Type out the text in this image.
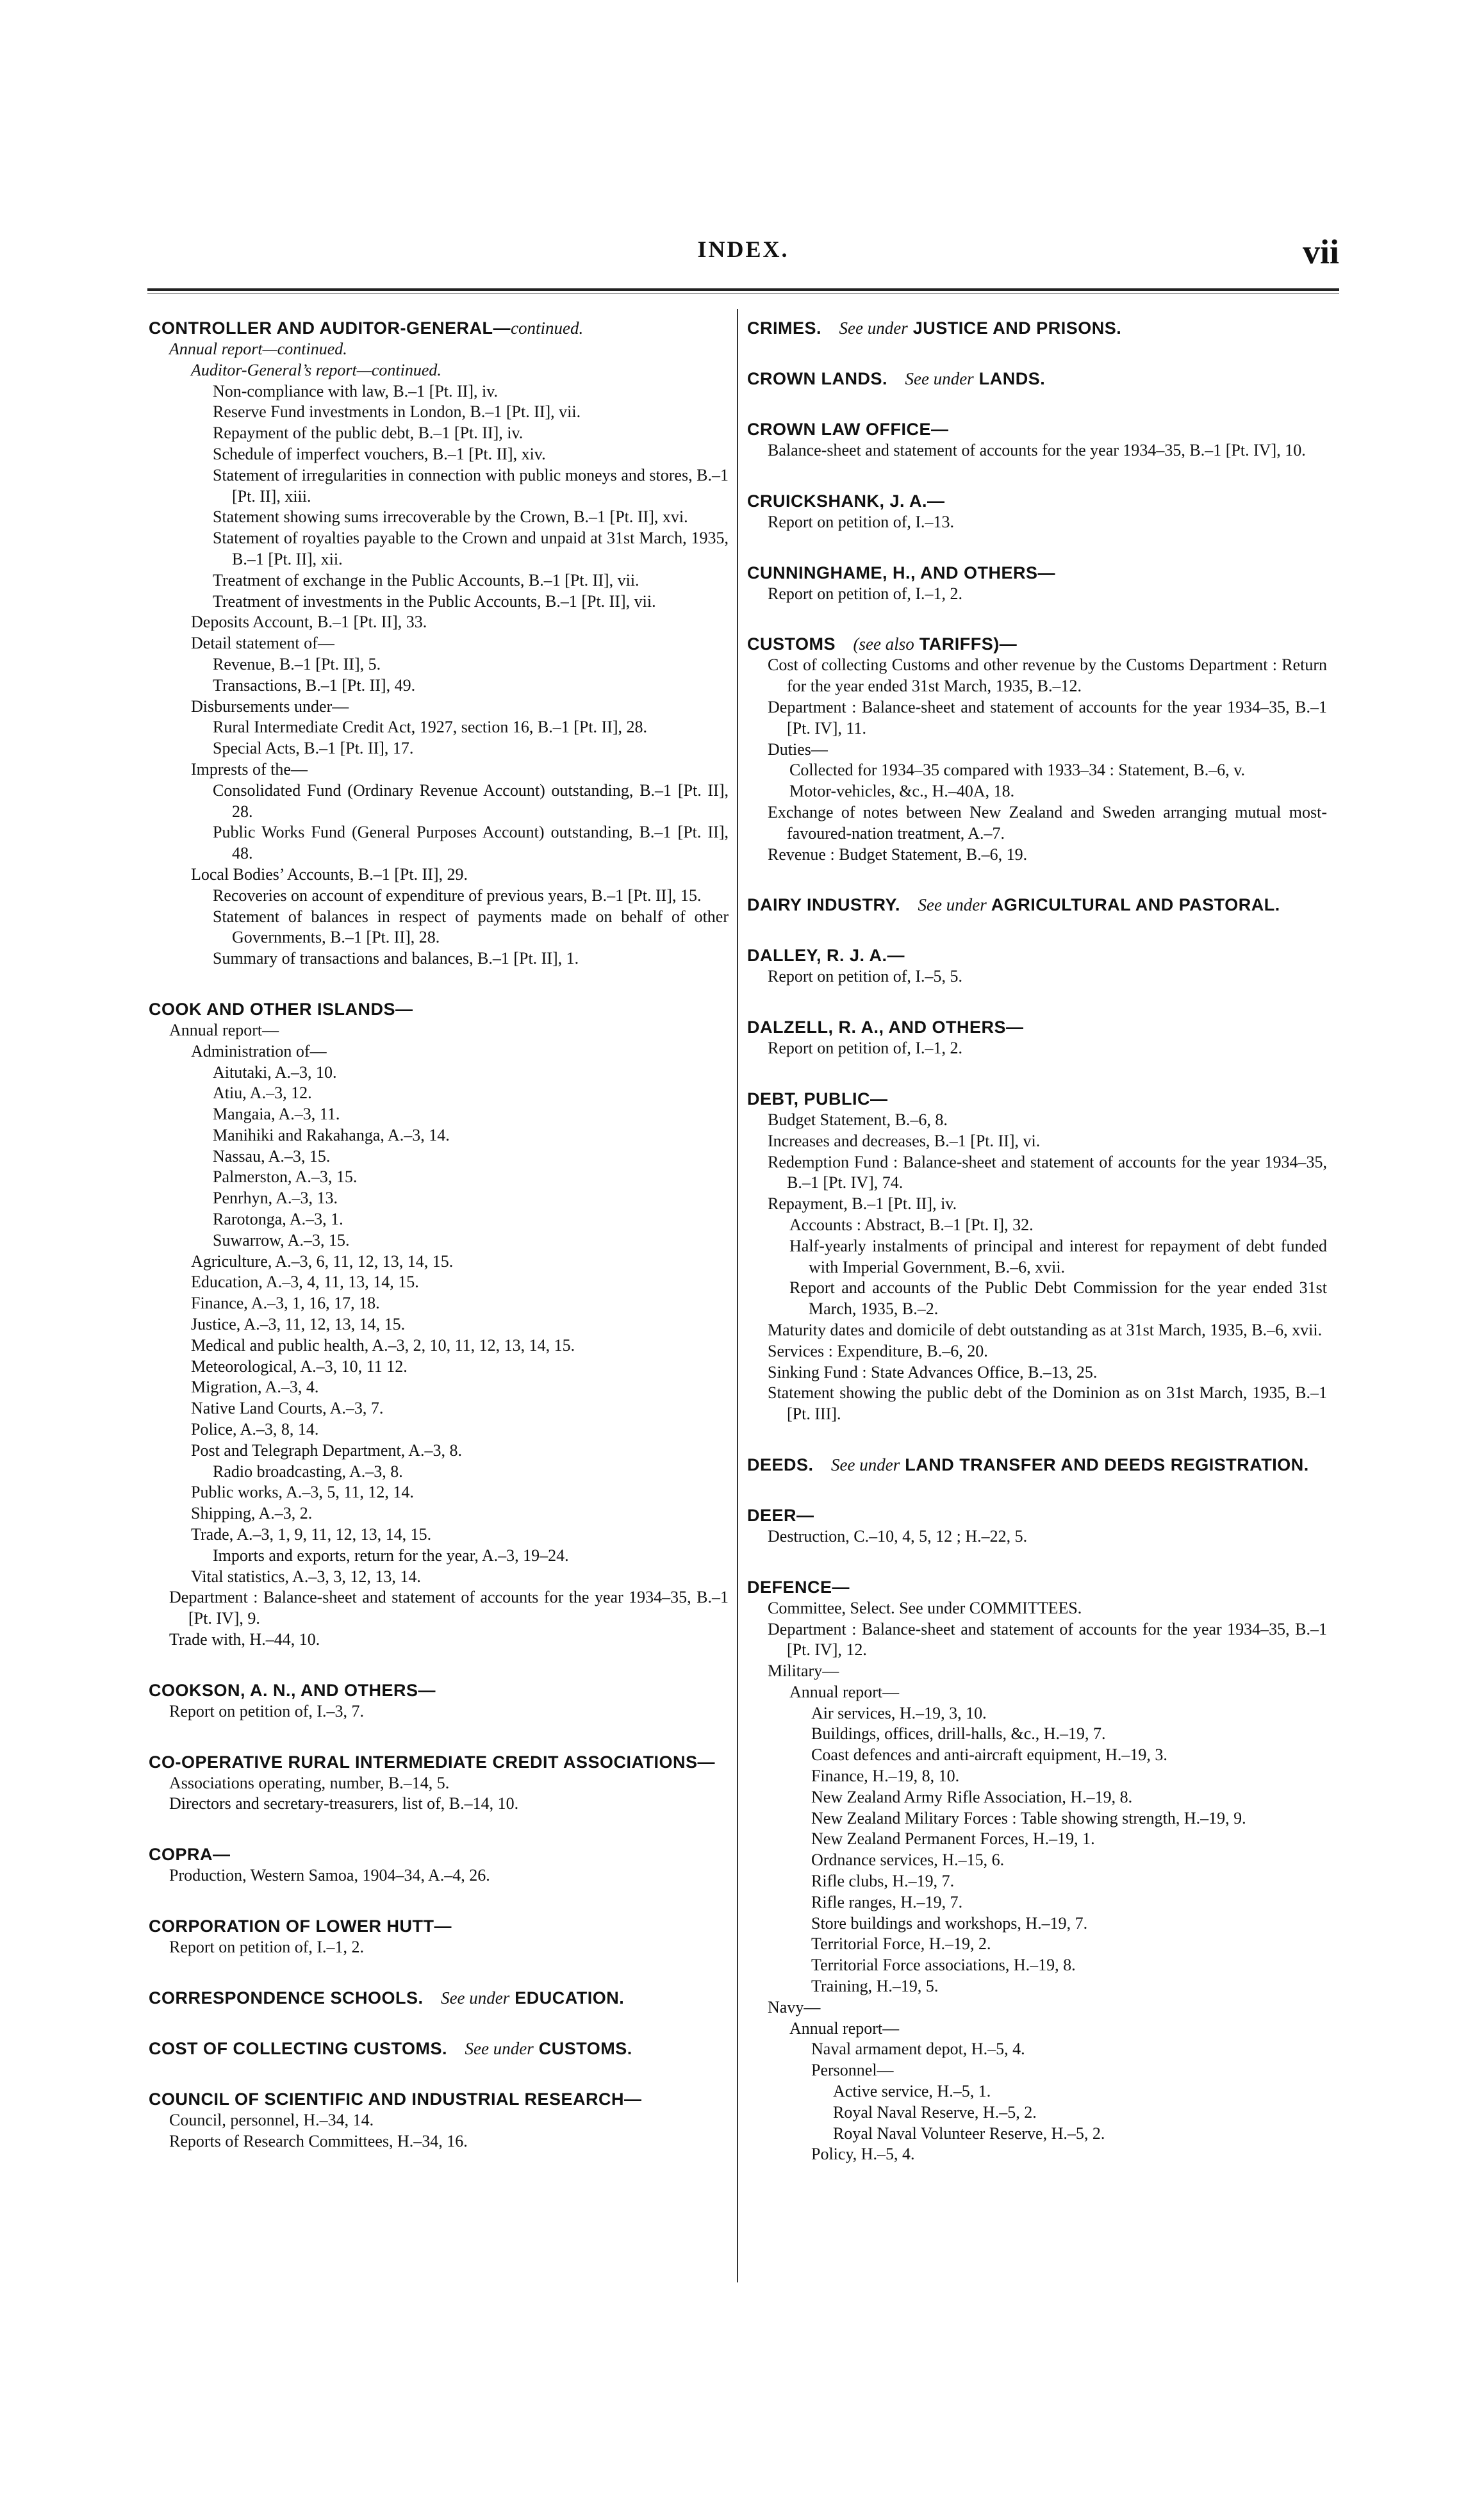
INDEX.	vii
CONTROLLER AND AUDITOR-GENERAL—continued.
Annual report—continued.
Auditor-General’s report—continued.
Non-compliance with law, B.–1 [Pt. II], iv.
Reserve Fund investments in London, B.–1 [Pt. II], vii.
Repayment of the public debt, B.–1 [Pt. II], iv.
Schedule of imperfect vouchers, B.–1 [Pt. II], xiv.
Statement of irregularities in connection with public moneys and stores, B.–1 [Pt. II], xiii.
Statement showing sums irrecoverable by the Crown, B.–1 [Pt. II], xvi.
Statement of royalties payable to the Crown and unpaid at 31st March, 1935, B.–1 [Pt. II], xii.
Treatment of exchange in the Public Accounts, B.–1 [Pt. II], vii.
Treatment of investments in the Public Accounts, B.–1 [Pt. II], vii.
Deposits Account, B.–1 [Pt. II], 33.
Detail statement of—
Revenue, B.–1 [Pt. II], 5.
Transactions, B.–1 [Pt. II], 49.
Disbursements under—
Rural Intermediate Credit Act, 1927, section 16, B.–1 [Pt. II], 28.
Special Acts, B.–1 [Pt. II], 17.
Imprests of the—
Consolidated Fund (Ordinary Revenue Account) outstanding, B.–1 [Pt. II], 28.
Public Works Fund (General Purposes Account) outstanding, B.–1 [Pt. II], 48.
Local Bodies’ Accounts, B.–1 [Pt. II], 29.
Recoveries on account of expenditure of previous years, B.–1 [Pt. II], 15.
Statement of balances in respect of payments made on behalf of other Governments, B.–1 [Pt. II], 28.
Summary of transactions and balances, B.–1 [Pt. II], 1.
COOK AND OTHER ISLANDS—
Annual report—
Administration of—
Aitutaki, A.–3, 10.
Atiu, A.–3, 12.
Mangaia, A.–3, 11.
Manihiki and Rakahanga, A.–3, 14.
Nassau, A.–3, 15.
Palmerston, A.–3, 15.
Penrhyn, A.–3, 13.
Rarotonga, A.–3, 1.
Suwarrow, A.–3, 15.
Agriculture, A.–3, 6, 11, 12, 13, 14, 15.
Education, A.–3, 4, 11, 13, 14, 15.
Finance, A.–3, 1, 16, 17, 18.
Justice, A.–3, 11, 12, 13, 14, 15.
Medical and public health, A.–3, 2, 10, 11, 12, 13, 14, 15.
Meteorological, A.–3, 10, 11 12.
Migration, A.–3, 4.
Native Land Courts, A.–3, 7.
Police, A.–3, 8, 14.
Post and Telegraph Department, A.–3, 8.
Radio broadcasting, A.–3, 8.
Public works, A.–3, 5, 11, 12, 14.
Shipping, A.–3, 2.
Trade, A.–3, 1, 9, 11, 12, 13, 14, 15.
Imports and exports, return for the year, A.–3, 19–24.
Vital statistics, A.–3, 3, 12, 13, 14.
Department : Balance-sheet and statement of accounts for the year 1934–35, B.–1 [Pt. IV], 9.
Trade with, H.–44, 10.
COOKSON, A. N., AND OTHERS—
Report on petition of, I.–3, 7.
CO-OPERATIVE RURAL INTERMEDIATE CREDIT ASSOCIATIONS—
Associations operating, number, B.–14, 5.
Directors and secretary-treasurers, list of, B.–14, 10.
COPRA—
Production, Western Samoa, 1904–34, A.–4, 26.
CORPORATION OF LOWER HUTT—
Report on petition of, I.–1, 2.
CORRESPONDENCE SCHOOLS.  See under EDUCATION.
COST OF COLLECTING CUSTOMS.  See under CUSTOMS.
COUNCIL OF SCIENTIFIC AND INDUSTRIAL RESEARCH—
Council, personnel, H.–34, 14.
Reports of Research Committees, H.–34, 16.
CRIMES.  See under JUSTICE AND PRISONS.
CROWN LANDS.  See under LANDS.
CROWN LAW OFFICE—
Balance-sheet and statement of accounts for the year 1934–35, B.–1 [Pt. IV], 10.
CRUICKSHANK, J. A.—
Report on petition of, I.–13.
CUNNINGHAME, H., AND OTHERS—
Report on petition of, I.–1, 2.
CUSTOMS  (see also TARIFFS)—
Cost of collecting Customs and other revenue by the Customs Department : Return for the year ended 31st March, 1935, B.–12.
Department : Balance-sheet and statement of accounts for the year 1934–35, B.–1 [Pt. IV], 11.
Duties—
Collected for 1934–35 compared with 1933–34 : Statement, B.–6, v.
Motor-vehicles, &c., H.–40A, 18.
Exchange of notes between New Zealand and Sweden arranging mutual most-favoured-nation treatment, A.–7.
Revenue : Budget Statement, B.–6, 19.
DAIRY INDUSTRY.  See under AGRICULTURAL AND PASTORAL.
DALLEY, R. J. A.—
Report on petition of, I.–5, 5.
DALZELL, R. A., AND OTHERS—
Report on petition of, I.–1, 2.
DEBT, PUBLIC—
Budget Statement, B.–6, 8.
Increases and decreases, B.–1 [Pt. II], vi.
Redemption Fund : Balance-sheet and statement of accounts for the year 1934–35, B.–1 [Pt. IV], 74.
Repayment, B.–1 [Pt. II], iv.
Accounts : Abstract, B.–1 [Pt. I], 32.
Half-yearly instalments of principal and interest for repayment of debt funded with Imperial Government, B.–6, xvii.
Report and accounts of the Public Debt Commission for the year ended 31st March, 1935, B.–2.
Maturity dates and domicile of debt outstanding as at 31st March, 1935, B.–6, xvii.
Services : Expenditure, B.–6, 20.
Sinking Fund : State Advances Office, B.–13, 25.
Statement showing the public debt of the Dominion as on 31st March, 1935, B.–1 [Pt. III].
DEEDS.  See under LAND TRANSFER AND DEEDS REGISTRATION.
DEER—
Destruction, C.–10, 4, 5, 12 ; H.–22, 5.
DEFENCE—
Committee, Select. See under COMMITTEES.
Department : Balance-sheet and statement of accounts for the year 1934–35, B.–1 [Pt. IV], 12.
Military—
Annual report—
Air services, H.–19, 3, 10.
Buildings, offices, drill-halls, &c., H.–19, 7.
Coast defences and anti-aircraft equipment, H.–19, 3.
Finance, H.–19, 8, 10.
New Zealand Army Rifle Association, H.–19, 8.
New Zealand Military Forces : Table showing strength, H.–19, 9.
New Zealand Permanent Forces, H.–19, 1.
Ordnance services, H.–15, 6.
Rifle clubs, H.–19, 7.
Rifle ranges, H.–19, 7.
Store buildings and workshops, H.–19, 7.
Territorial Force, H.–19, 2.
Territorial Force associations, H.–19, 8.
Training, H.–19, 5.
Navy—
Annual report—
Naval armament depot, H.–5, 4.
Personnel—
Active service, H.–5, 1.
Royal Naval Reserve, H.–5, 2.
Royal Naval Volunteer Reserve, H.–5, 2.
Policy, H.–5, 4.
